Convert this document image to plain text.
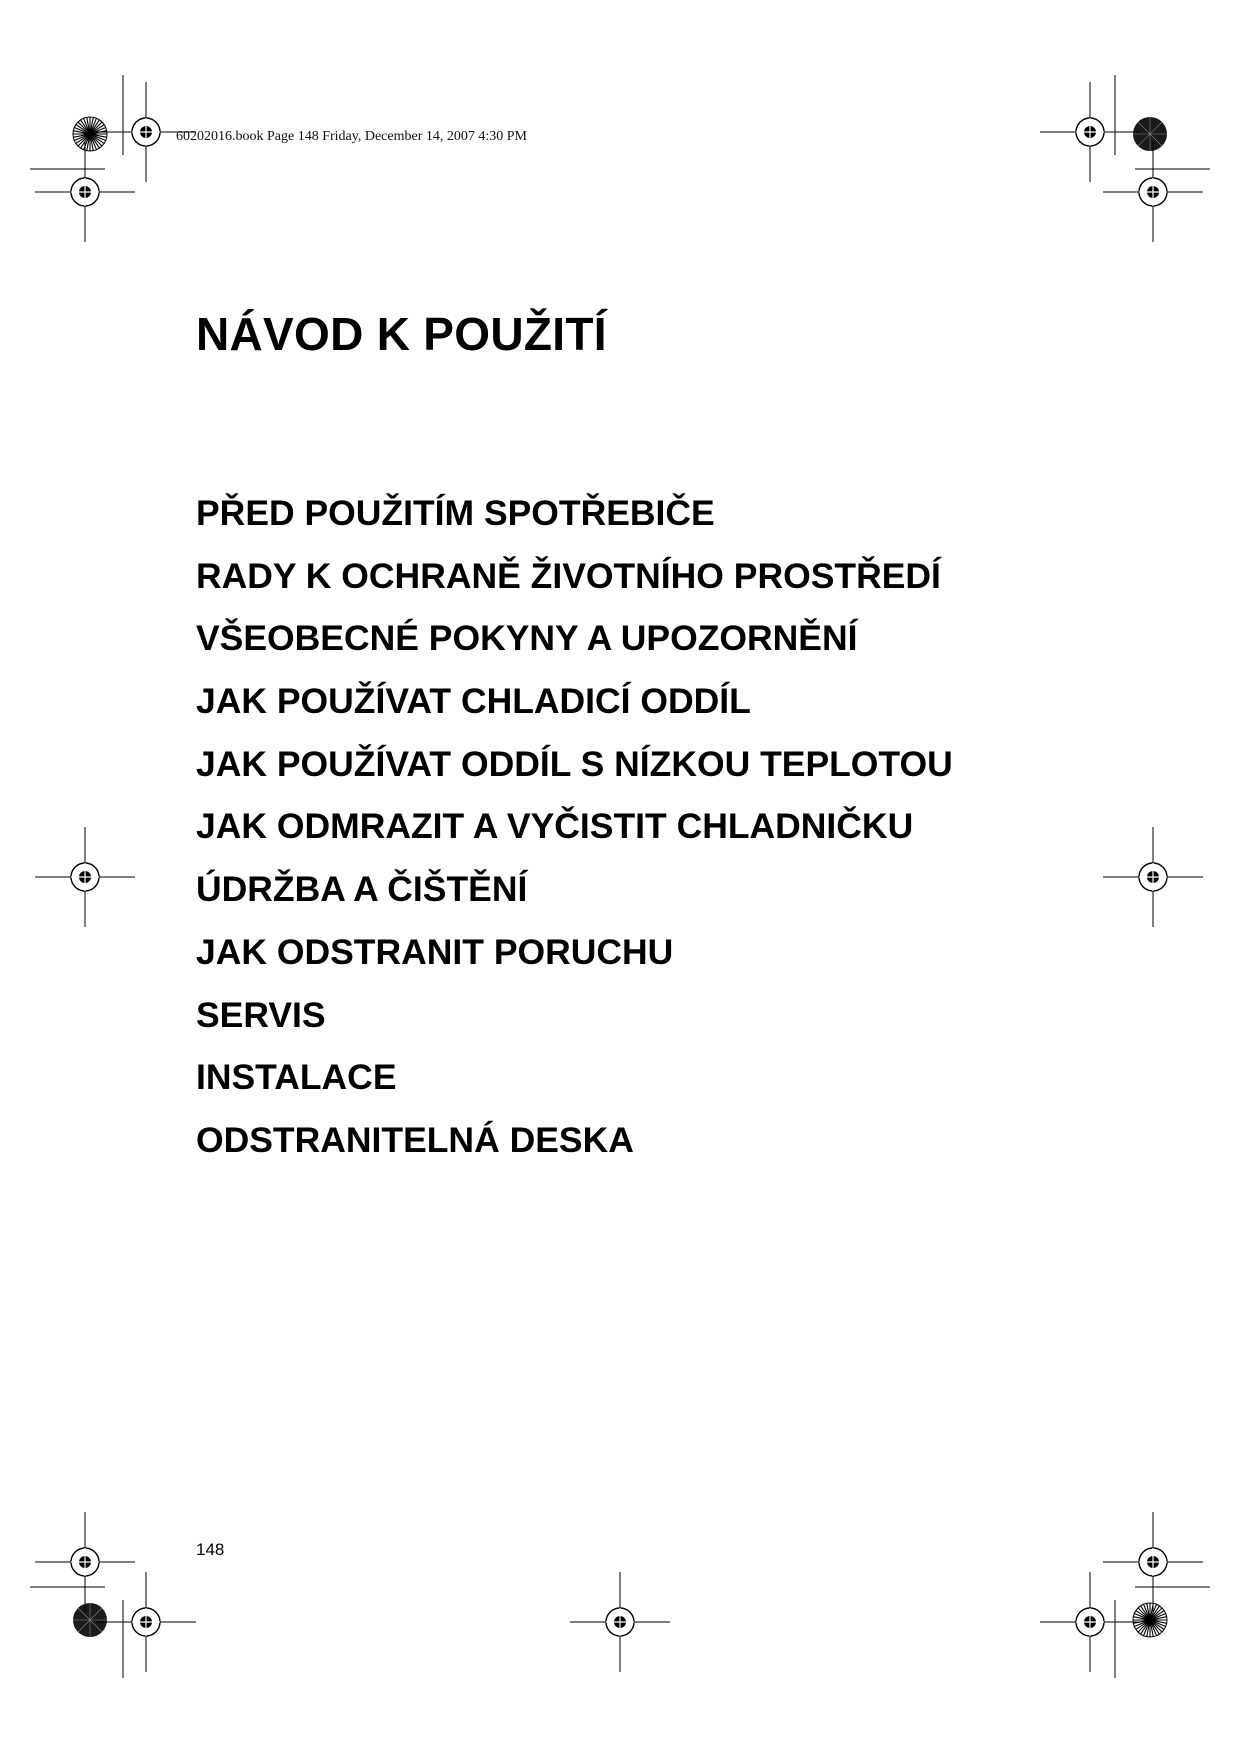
60202016.book Page 148 Friday, December 14, 2007 4:30 PM
NÁVOD K POUŽITÍ
PŘED POUŽITÍM SPOTŘEBIČE
RADY K OCHRANĚ ŽIVOTNÍHO PROSTŘEDÍ
VŠEOBECNÉ POKYNY A UPOZORNĚNÍ
JAK POUŽÍVAT CHLADICÍ ODDÍL
JAK POUŽÍVAT ODDÍL S NÍZKOU TEPLOTOU
JAK ODMRAZIT A VYČISTIT CHLADNIČKU
ÚDRŽBA A ČIŠTĚNÍ
JAK ODSTRANIT PORUCHU
SERVIS
INSTALACE
ODSTRANITELNÁ DESKA
148
